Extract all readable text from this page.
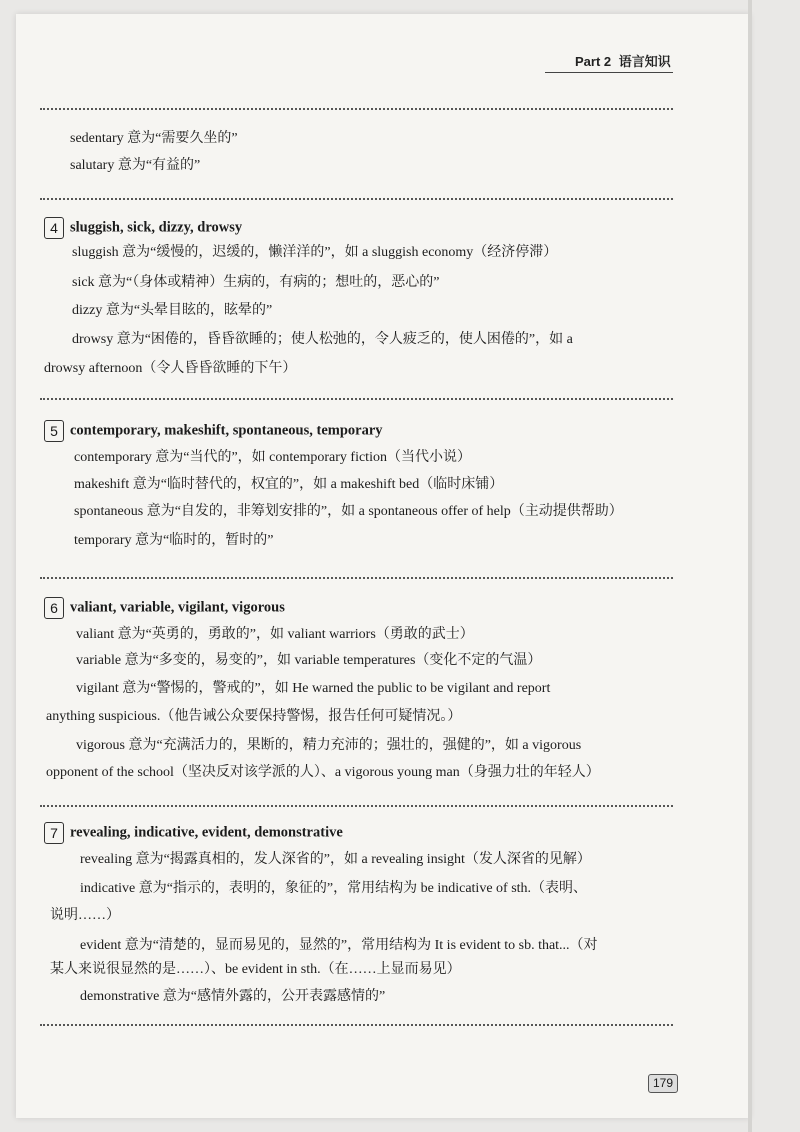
Part 2 语言知识
sedentary 意为“需要久坐的”
salutary 意为“有益的”
4 sluggish, sick, dizzy, drowsy
sluggish 意为“缓慢的，迟缓的，懒洋洋的”，如 a sluggish economy（经济停滞）
sick 意为“（身体或精神）生病的，有病的；想吐的，恶心的”
dizzy 意为“头晕目眩的，眩晕的”
drowsy 意为“困倦的，昏昏欲睡的；使人松弛的，令人疲乏的，使人困倦的”，如 a
drowsy afternoon（令人昏昏欲睡的下午）
5 contemporary, makeshift, spontaneous, temporary
contemporary 意为“当代的”，如 contemporary fiction（当代小说）
makeshift 意为“临时替代的，权宜的”，如 a makeshift bed（临时床铺）
spontaneous 意为“自发的，非筹划安排的”，如 a spontaneous offer of help（主动提供帮助）
temporary 意为“临时的，暂时的”
6 valiant, variable, vigilant, vigorous
valiant 意为“英勇的，勇敢的”，如 valiant warriors（勇敢的武士）
variable 意为“多变的，易变的”，如 variable temperatures（变化不定的气温）
vigilant 意为“警惕的，警戒的”，如 He warned the public to be vigilant and report
anything suspicious.（他告诫公众要保持警惕，报告任何可疑情况。）
vigorous 意为“充满活力的，果断的，精力充沛的；强壮的，强健的”，如 a vigorous
opponent of the school（坚决反对该学派的人）、a vigorous young man（身强力壮的年轻人）
7 revealing, indicative, evident, demonstrative
revealing 意为“揭露真相的，发人深省的”，如 a revealing insight（发人深省的见解）
indicative 意为“指示的，表明的，象征的”，常用结构为 be indicative of sth.（表明、
说明……）
evident 意为“清楚的，显而易见的，显然的”，常用结构为 It is evident to sb. that...（对
某人来说很显然的是……）、be evident in sth.（在……上显而易见）
demonstrative 意为“感情外露的，公开表露感情的”
179
